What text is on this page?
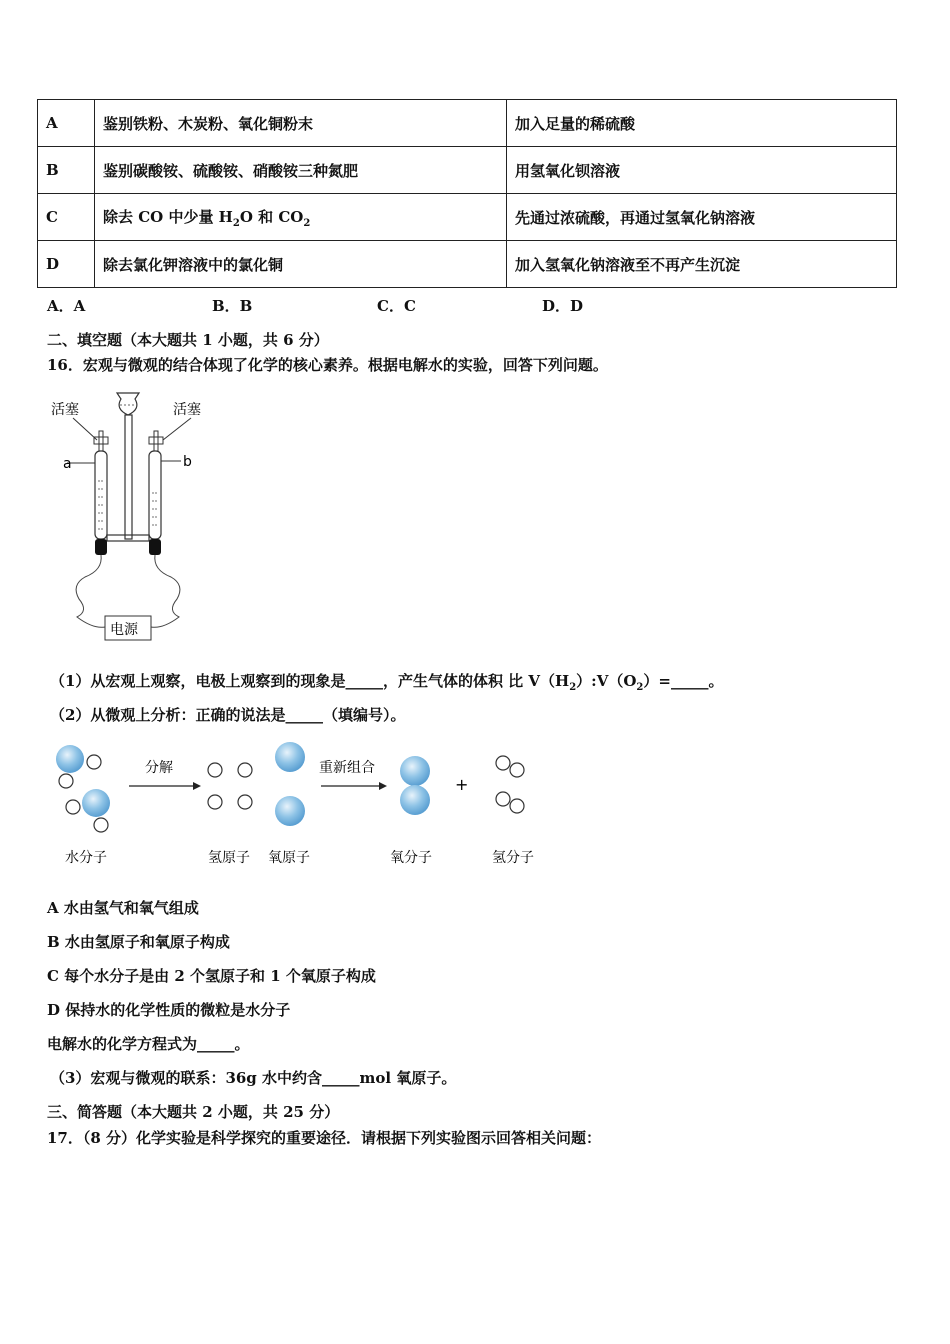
A	鉴别铁粉、木炭粉、氧化铜粉末	加入足量的稀硫酸
B	鉴别碳酸铵、硫酸铵、硝酸铵三种氮肥	用氢氧化钡溶液
C	除去 CO 中少量 $H_2O$ 和 $CO_2$	先通过浓硫酸，再通过氢氧化钠溶液
D	除去氯化钾溶液中的氯化铜	加入氢氧化钠溶液至不再产生沉淀
A．A	B．B	C．C	D．D
二、填空题（本大题共 1 小题，共 6 分）
16．宏观与微观的结合体现了化学的核心素养。根据电解水的实验，回答下列问题。
活塞	活塞
a	b
电源
（1）从宏观上观察，电极上观察到的现象是_____，产生气体的体积 比 $V(H_2):V(O_2)=\_\_\_\_\_$。
（2）从微观上分析：正确的说法是_____（填编号）。
分解	重新组合
+
水分子	氢原子 氧原子	氧分子	氢分子
A 水由氢气和氧气组成
B 水由氢原子和氧原子构成
C 每个水分子是由 2 个氢原子和 1 个氧原子构成
D 保持水的化学性质的微粒是水分子
电解水的化学方程式为_____。
（3）宏观与微观的联系：36g 水中约含_____mol 氧原子。
三、简答题（本大题共 2 小题，共 25 分）
17．（8 分）化学实验是科学探究的重要途径．请根据下列实验图示回答相关问题：
